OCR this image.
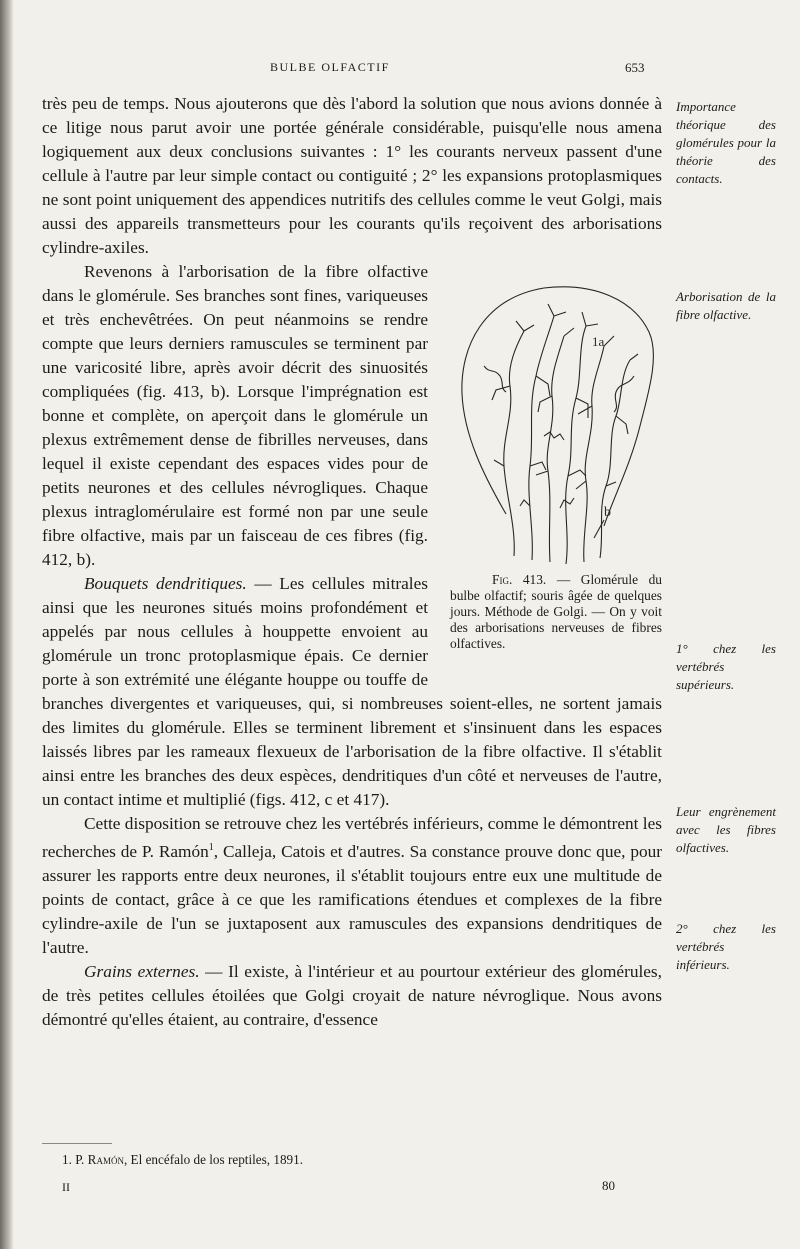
BULBE OLFACTIF	653

très peu de temps. Nous ajouterons que dès l'abord la solution que nous avions donnée à ce litige nous parut avoir une portée générale considérable, puisqu'elle nous amena logiquement aux deux conclusions suivantes : 1° les courants nerveux passent d'une cellule à l'autre par leur simple contact ou contiguité ; 2° les expansions protoplasmiques ne sont point uniquement des appendices nutritifs des cellules comme le veut Golgi, mais aussi des appareils transmetteurs pour les courants qu'ils reçoivent des arborisations cylindre-axiles.

1a
b
Fig. 413. — Glomérule du bulbe olfactif; souris âgée de quelques jours. Méthode de Golgi. — On y voit des arborisations nerveuses de fibres olfactives.
Revenons à l'arborisation de la fibre olfactive dans le glomérule. Ses branches sont fines, variqueuses et très enchevêtrées. On peut néanmoins se rendre compte que leurs derniers ramuscules se terminent par une varicosité libre, après avoir décrit des sinuosités compliquées (fig. 413, b). Lorsque l'imprégnation est bonne et complète, on aperçoit dans le glomérule un plexus extrêmement dense de fibrilles nerveuses, dans lequel il existe cependant des espaces vides pour de petits neurones et des cellules névrogliques. Chaque plexus intraglomérulaire est formé non par une seule fibre olfactive, mais par un faisceau de ces fibres (fig. 412, b).

Bouquets dendritiques. — Les cellules mitrales ainsi que les neurones situés moins profondément et appelés par nous cellules à houppette envoient au glomérule un tronc protoplasmique épais. Ce dernier porte à son extrémité une élégante houppe ou touffe de branches divergentes et variqueuses, qui, si nombreuses soient-elles, ne sortent jamais des limites du glomérule. Elles se terminent librement et s'insinuent dans les espaces laissés libres par les rameaux flexueux de l'arborisation de la fibre olfactive. Il s'établit ainsi entre les branches des deux espèces, dendritiques d'un côté et nerveuses de l'autre, un contact intime et multiplié (figs. 412, c et 417).

Cette disposition se retrouve chez les vertébrés inférieurs, comme le démontrent les recherches de P. Ramón$^1$, Calleja, Catois et d'autres. Sa constance prouve donc que, pour assurer les rapports entre deux neurones, il s'établit toujours entre eux une multitude de points de contact, grâce à ce que les ramifications étendues et complexes de la fibre cylindre-axile de l'un se juxtaposent aux ramuscules des expansions dendritiques de l'autre.

Grains externes. — Il existe, à l'intérieur et au pourtour extérieur des glomérules, de très petites cellules étoilées que Golgi croyait de nature névroglique. Nous avons démontré qu'elles étaient, au contraire, d'essence

Importance théorique des glomérules pour la théorie des contacts.
Arborisation de la fibre olfactive.
1° chez les vertébrés supérieurs.
Leur engrènement avec les fibres olfactives.
2° chez les vertébrés inférieurs.
1. P. Ramón, El encéfalo de los reptiles, 1891.
II	80
